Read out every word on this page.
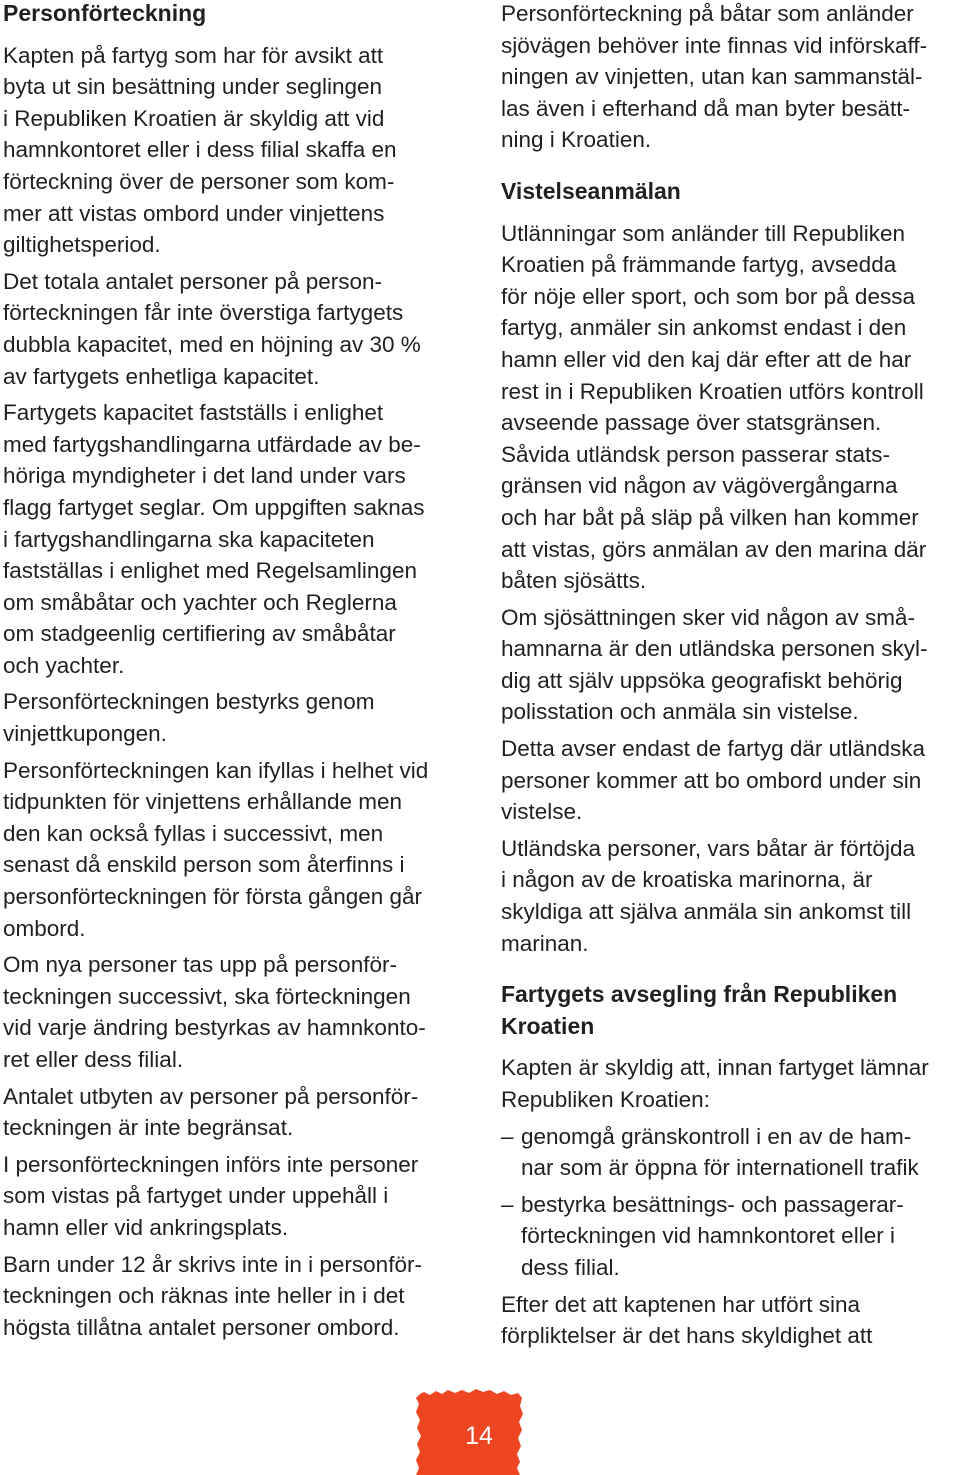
Personförteckning
Kapten på fartyg som har för avsikt att
byta ut sin besättning under seglingen
i Republiken Kroatien är skyldig att vid
hamnkontoret eller i dess filial skaffa en
förteckning över de personer som kom-
mer att vistas ombord under vinjettens
giltighetsperiod.
Det totala antalet personer på person-
förteckningen får inte överstiga fartygets
dubbla kapacitet, med en höjning av 30 %
av fartygets enhetliga kapacitet.
Fartygets kapacitet fastställs i enlighet
med fartygshandlingarna utfärdade av be-
höriga myndigheter i det land under vars
flagg fartyget seglar. Om uppgiften saknas
i fartygshandlingarna ska kapaciteten
fastställas i enlighet med Regelsamlingen
om småbåtar och yachter och Reglerna
om stadgeenlig certifiering av småbåtar
och yachter.
Personförteckningen bestyrks genom
vinjettkupongen.
Personförteckningen kan ifyllas i helhet vid
tidpunkten för vinjettens erhållande men
den kan också fyllas i successivt, men
senast då enskild person som återfinns i
personförteckningen för första gången går
ombord.
Om nya personer tas upp på personför-
teckningen successivt, ska förteckningen
vid varje ändring bestyrkas av hamnkonto-
ret eller dess filial.
Antalet utbyten av personer på personför-
teckningen är inte begränsat.
I personförteckningen införs inte personer
som vistas på fartyget under uppehåll i
hamn eller vid ankringsplats.
Barn under 12 år skrivs inte in i personför-
teckningen och räknas inte heller in i det
högsta tillåtna antalet personer ombord.
Personförteckning på båtar som anländer
sjövägen behöver inte finnas vid införskaff-
ningen av vinjetten, utan kan sammanstäl-
las även i efterhand då man byter besätt-
ning i Kroatien.
Vistelseanmälan
Utlänningar som anländer till Republiken
Kroatien på främmande fartyg, avsedda
för nöje eller sport, och som bor på dessa
fartyg, anmäler sin ankomst endast i den
hamn eller vid den kaj där efter att de har
rest in i Republiken Kroatien utförs kontroll
avseende passage över statsgränsen.
Såvida utländsk person passerar stats-
gränsen vid någon av vägövergångarna
och har båt på släp på vilken han kommer
att vistas, görs anmälan av den marina där
båten sjösätts.
Om sjösättningen sker vid någon av små-
hamnarna är den utländska personen skyl-
dig att själv uppsöka geografiskt behörig
polisstation och anmäla sin vistelse.
Detta avser endast de fartyg där utländska
personer kommer att bo ombord under sin
vistelse.
Utländska personer, vars båtar är förtöjda
i någon av de kroatiska marinorna, är
skyldiga att själva anmäla sin ankomst till
marinan.
Fartygets avsegling från Republiken
Kroatien
Kapten är skyldig att, innan fartyget lämnar
Republiken Kroatien:
– genomgå gränskontroll i en av de ham-
nar som är öppna för internationell trafik
– bestyrka besättnings- och passagerar-
förteckningen vid hamnkontoret eller i
dess filial.
Efter det att kaptenen har utfört sina
förpliktelser är det hans skyldighet att
14
